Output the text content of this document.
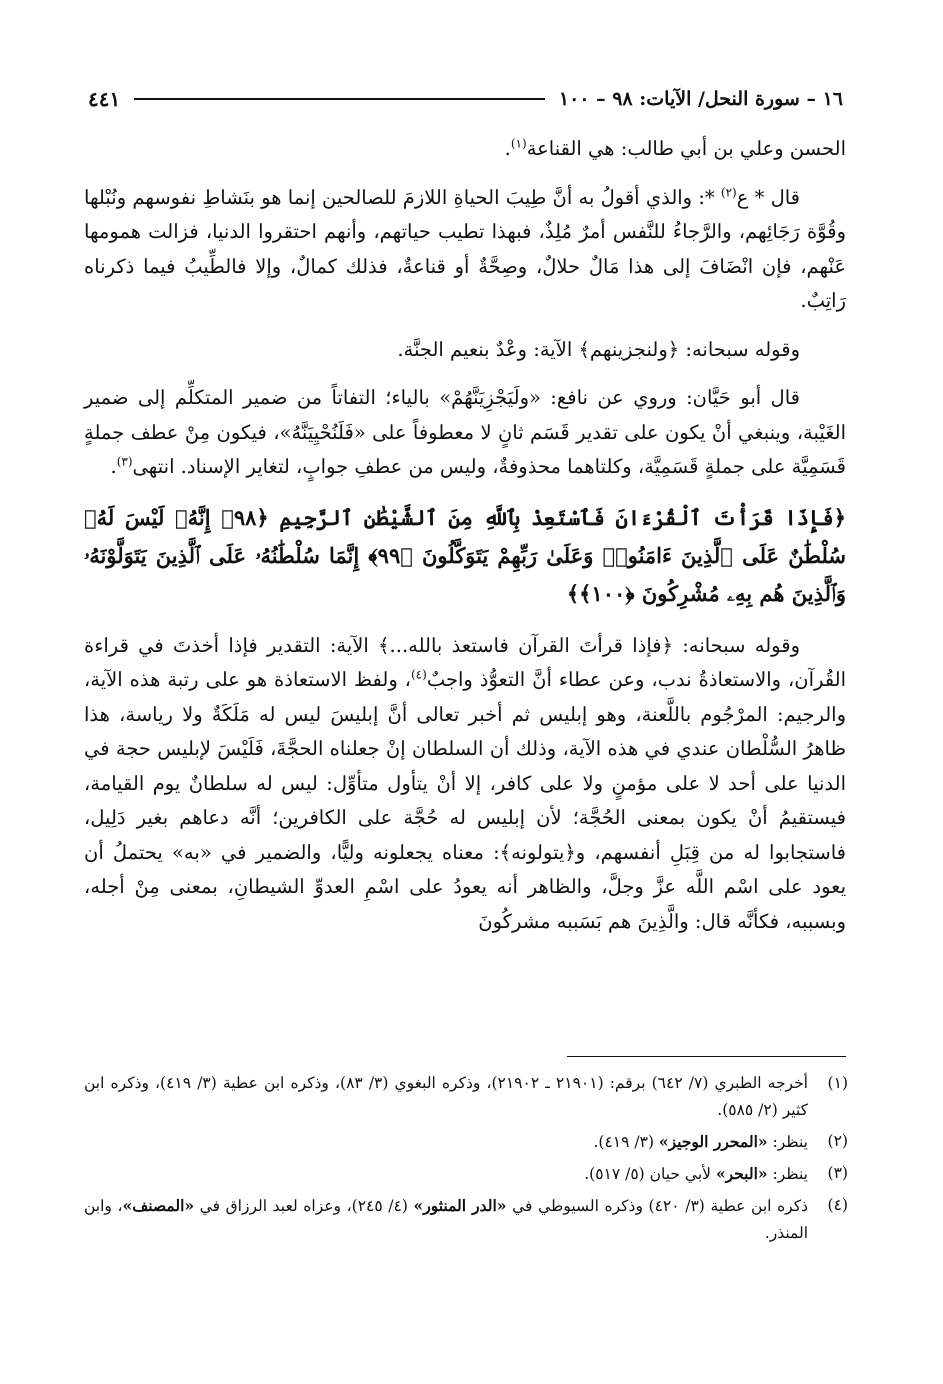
١٦ – سورة النحل/ الآيات: ٩٨ – ١٠٠
٤٤١

الحسن وعلي بن أبي طالب: هي القناعة$^{(١)}$.

قال * ع$^{(٢)}$ *: والذي أقولُ به أنَّ طِيبَ الحياةِ اللازمَ للصالحين إنما هو بنَشاطِ نفوسهم ونُبْلها وقُوَّة رَجَائِهم، والرَّجاءُ للنَّفس أمرٌ مُلِذٌ، فبهذا تطيب حياتهم، وأنهم احتقروا الدنيا، فزالت همومها عَنْهم، فإن انْضَافَ إلى هذا مَالٌ حلالٌ، وصِحَّةٌ أو قناعةٌ، فذلك كمالٌ، وإلا فالطِّيبُ فيما ذكرناه رَاتِبٌ.

وقوله سبحانه: ﴿ولنجزينهم﴾ الآية: وعْدٌ بنعيم الجنَّة.

قال أبو حَيَّان: وروي عن نافع: «ولَيَجْزِيَنَّهُمْ» بالياء؛ التفاتاً من ضمير المتكلِّم إلى ضمير الغَيْبة، وينبغي أنْ يكون على تقدير قَسَم ثانٍ لا معطوفاً على «فَلَنُحْيِيَنَّهُ»، فيكون مِنْ عطف جملةٍ قَسَمِيَّة على جملةٍ قَسَمِيَّة، وكلتاهما محذوفةٌ، وليس من عطفِ جوابٍ، لتغاير الإسناد. انتهى$^{(٣)}$.

﴿فَإِذَا قَرَأْتَ ٱلْقُرْءَانَ فَٱسْتَعِذْ بِٱللَّهِ مِنَ ٱلشَّيْطَٰنِ ٱلرَّجِيمِ ﴿٩٨﴾ إِنَّهُۥ لَيْسَ لَهُۥ سُلْطَٰنٌ عَلَى ٱلَّذِينَ ءَامَنُوا۟ وَعَلَىٰ رَبِّهِمْ يَتَوَكَّلُونَ ﴿٩٩﴾ إِنَّمَا سُلْطَٰنُهُۥ عَلَى ٱلَّذِينَ يَتَوَلَّوْنَهُۥ وَٱلَّذِينَ هُم بِهِۦ مُشْرِكُونَ ﴿١٠٠﴾﴾

وقوله سبحانه: ﴿فإذا قرأتَ القرآن فاستعذ بالله...﴾ الآية: التقدير فإذا أخذتَ في قراءة القُرآن، والاستعاذةُ ندب، وعن عطاء أنَّ التعوُّذ واجبٌ$^{(٤)}$، ولفظ الاستعاذة هو على رتبة هذه الآية، والرجيم: المرْجُوم باللَّعنة، وهو إبليس ثم أخبر تعالى أنَّ إبليسَ ليس له مَلَكَةٌ ولا رياسة، هذا ظاهرُ السُّلْطان عندي في هذه الآية، وذلك أن السلطان إنْ جعلناه الحجَّةَ، فَلَيْسَ لإبليس حجة في الدنيا على أحد لا على مؤمنٍ ولا على كافر، إلا أنْ يتأول متأوِّل: ليس له سلطانٌ يوم القيامة، فيستقيمُ أنْ يكون بمعنى الحُجَّة؛ لأن إبليس له حُجَّة على الكافرين؛ أنَّه دعاهم بغير دَلِيل، فاستجابوا له من قِبَلِ أنفسهم، و﴿يتولونه﴾: معناه يجعلونه وليًّا، والضمير في «به» يحتملُ أن يعود على اسْم اللَّه عزَّ وجلَّ، والظاهر أنه يعودُ على اسْمِ العدوِّ الشيطانِ، بمعنى مِنْ أجله، وبسببه، فكأنَّه قال: والَّذِينَ هم بَسَببه مشركُونَ

(١)
أخرجه الطبري (٧/ ٦٤٢) برقم: (٢١٩٠١ ـ ٢١٩٠٢)، وذكره البغوي (٣/ ٨٣)، وذكره ابن عطية (٣/ ٤١٩)، وذكره ابن كثير (٢/ ٥٨٥).
(٢)
ينظر: «المحرر الوجيز» (٣/ ٤١٩).
(٣)
ينظر: «البحر» لأبي حيان (٥/ ٥١٧).
(٤)
ذكره ابن عطية (٣/ ٤٢٠) وذكره السيوطي في «الدر المنثور» (٤/ ٢٤٥)، وعزاه لعبد الرزاق في «المصنف»، وابن المنذر.
